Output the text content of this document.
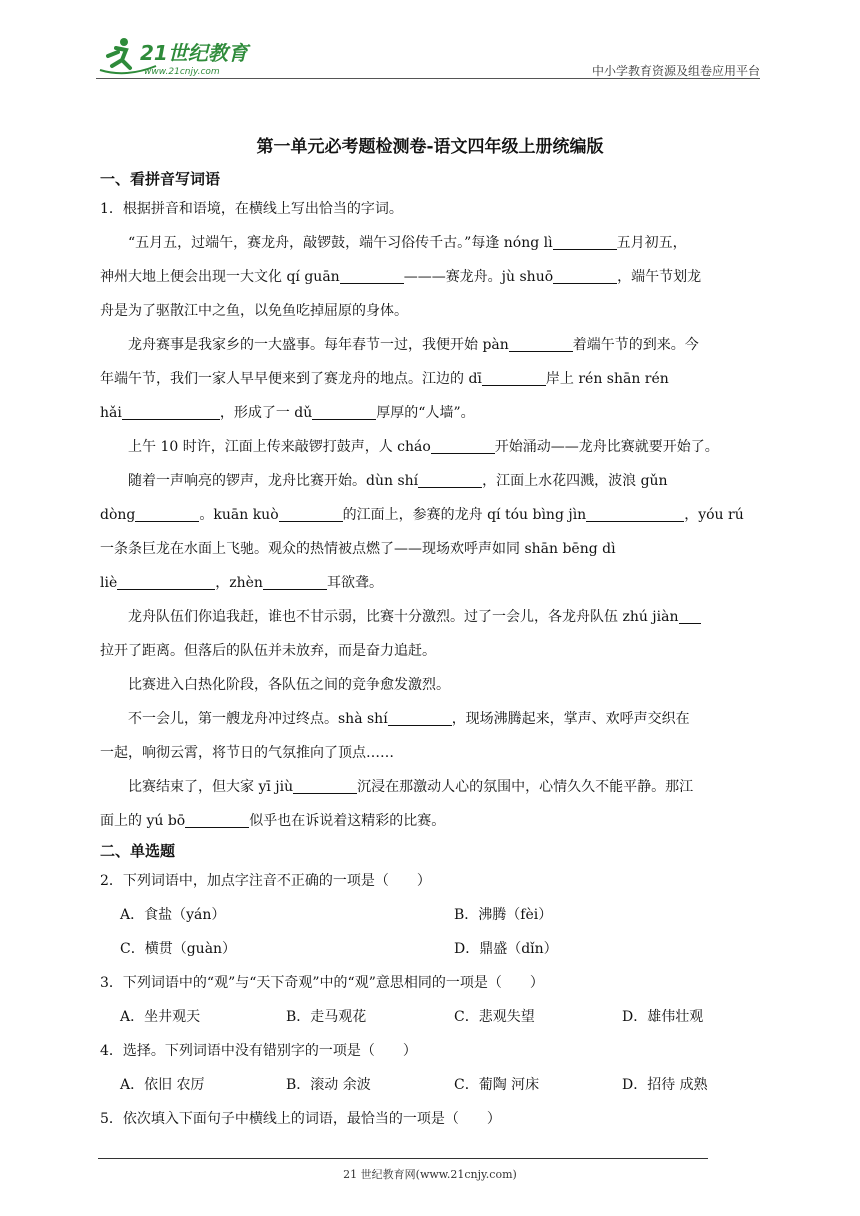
21世纪教育
www.21cnjy.com	中小学教育资源及组卷应用平台
第一单元必考题检测卷-语文四年级上册统编版
一、看拼音写词语
1．根据拼音和语境，在横线上写出恰当的字词。
“五月五，过端午，赛龙舟，敲锣鼓，端午习俗传千古。”每逢 nóng lì	五月初五，
神州大地上便会出现一大文化 qí guān	———赛龙舟。jù shuō	，端午节划龙
舟是为了驱散江中之鱼，以免鱼吃掉屈原的身体。
龙舟赛事是我家乡的一大盛事。每年春节一过，我便开始 pàn	着端午节的到来。今
年端午节，我们一家人早早便来到了赛龙舟的地点。江边的 dī	岸上 rén shān rén
hǎi	，形成了一 dǔ	厚厚的“人墙”。
上午 10 时许，江面上传来敲锣打鼓声，人 cháo	开始涌动——龙舟比赛就要开始了。
随着一声响亮的锣声，龙舟比赛开始。dùn shí	，江面上水花四溅，波浪 gǔn
dòng	。kuān kuò	的江面上，参赛的龙舟 qí tóu bìng jìn	，yóu rú
一条条巨龙在水面上飞驰。观众的热情被点燃了——现场欢呼声如同 shān bēng dì
liè	，zhèn	耳欲聋。
龙舟队伍们你追我赶，谁也不甘示弱，比赛十分激烈。过了一会儿，各龙舟队伍 zhú jiàn
拉开了距离。但落后的队伍并未放弃，而是奋力追赶。
比赛进入白热化阶段，各队伍之间的竞争愈发激烈。
不一会儿，第一艘龙舟冲过终点。shà shí	，现场沸腾起来，掌声、欢呼声交织在
一起，响彻云霄，将节日的气氛推向了顶点……
比赛结束了，但大家 yī jiù	沉浸在那激动人心的氛围中，心情久久不能平静。那江
面上的 yú bō	似乎也在诉说着这精彩的比赛。
二、单选题
2．下列词语中，加点字注音不正确的一项是（　　）
A．食盐（yán）	B．沸腾（fèi）
C．横贯（guàn）	D．鼎盛（dǐn）
3．下列词语中的“观”与“天下奇观”中的“观”意思相同的一项是（　　）
A．坐井观天	B．走马观花	C．悲观失望	D．雄伟壮观
4．选择。下列词语中没有错别字的一项是（　　）
A．依旧 农厉	B．滚动 余波	C．葡陶 河床	D．招待 成熟
5．依次填入下面句子中横线上的词语，最恰当的一项是（　　）
21 世纪教育网(www.21cnjy.com)
